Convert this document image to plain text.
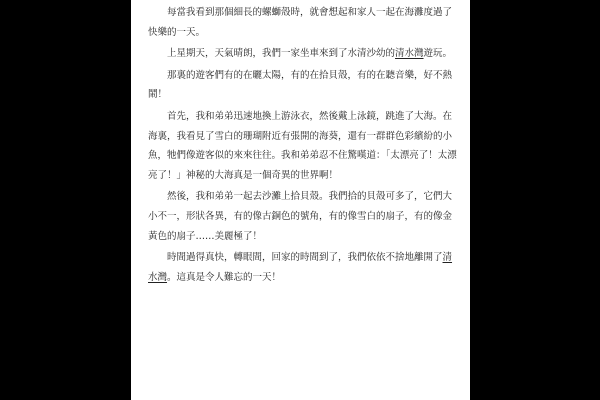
每當我看到那個細長的螺螄殼時，就會想起和家人一起在海灘度過了快樂的一天。

上星期天，天氣晴朗，我們一家坐車來到了水清沙幼的清水灣遊玩。

那裏的遊客們有的在曬太陽，有的在拾貝殼，有的在聽音樂，好不熱鬧！

首先，我和弟弟迅速地換上游泳衣，然後戴上泳鏡，跳進了大海。在海裏，我看見了雪白的珊瑚附近有張開的海葵，還有一群群色彩繽紛的小魚，牠們像遊客似的來來往往。我和弟弟忍不住驚嘆道：「太漂亮了！太漂亮了！」神秘的大海真是一個奇異的世界啊！

然後，我和弟弟一起去沙灘上拾貝殼。我們拾的貝殼可多了，它們大小不一，形狀各異，有的像古銅色的號角，有的像雪白的扇子，有的像金黃色的扇子……美麗極了！

時間過得真快，轉眼間，回家的時間到了，我們依依不捨地離開了清水灣。這真是令人難忘的一天！
